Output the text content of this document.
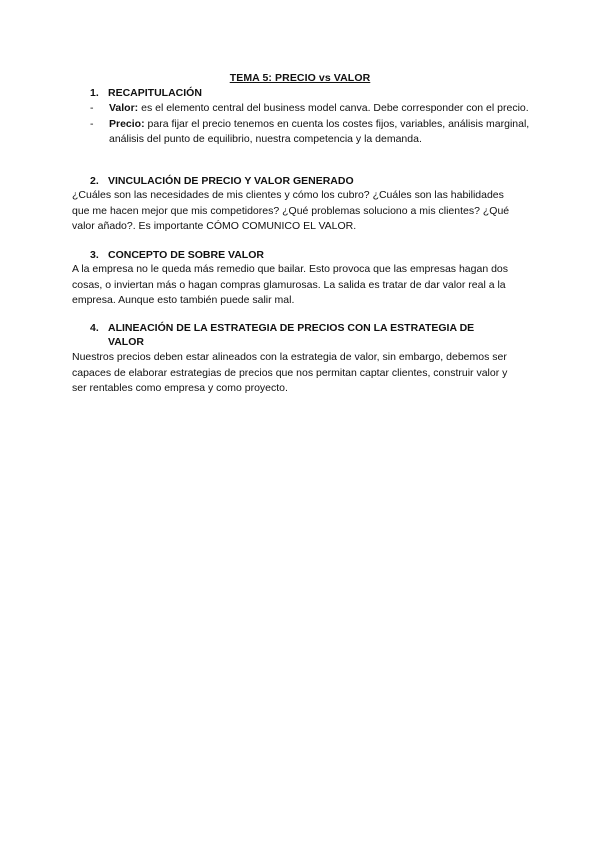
TEMA 5: PRECIO vs VALOR
1. RECAPITULACIÓN
- Valor: es el elemento central del business model canva. Debe corresponder con el precio.
- Precio: para fijar el precio tenemos en cuenta los costes fijos, variables, análisis marginal, análisis del punto de equilibrio, nuestra competencia y la demanda.
2. VINCULACIÓN DE PRECIO Y VALOR GENERADO

¿Cuáles son las necesidades de mis clientes y cómo los cubro? ¿Cuáles son las habilidades que me hacen mejor que mis competidores? ¿Qué problemas soluciono a mis clientes? ¿Qué valor añado?. Es importante CÓMO COMUNICO EL VALOR.

3. CONCEPTO DE SOBRE VALOR

A la empresa no le queda más remedio que bailar. Esto provoca que las empresas hagan dos cosas, o inviertan más o hagan compras glamurosas. La salida es tratar de dar valor real a la empresa. Aunque esto también puede salir mal.

4. ALINEACIÓN DE LA ESTRATEGIA DE PRECIOS CON LA ESTRATEGIA DE VALOR

Nuestros precios deben estar alineados con la estrategia de valor, sin embargo, debemos ser capaces de elaborar estrategias de precios que nos permitan captar clientes, construir valor y ser rentables como empresa y como proyecto.
